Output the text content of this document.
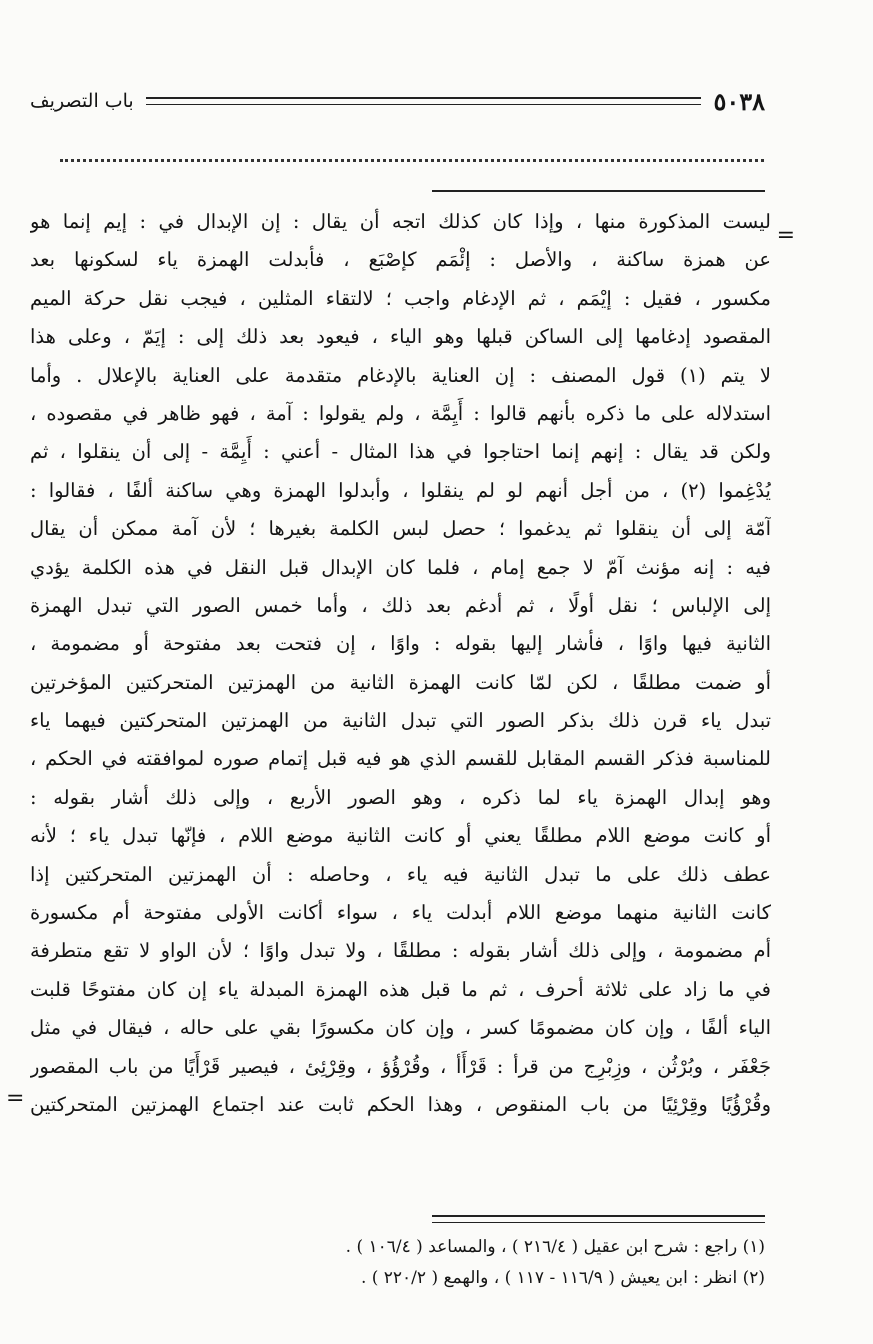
٥٠٣٨
باب التصريف
=
ليست المذكورة منها ، وإذا كان كذلك اتجه أن يقال : إن الإبدال في : إيم إنما هو
عن همزة ساكنة ، والأصل : إئْمَم كإصْبَع ، فأبدلت الهمزة ياء لسكونها بعد
مكسور ، فقيل : إيْمَم ، ثم الإدغام واجب ؛ لالتقاء المثلين ، فيجب نقل حركة الميم
المقصود إدغامها إلى الساكن قبلها وهو الياء ، فيعود بعد ذلك إلى : إيَمّ ، وعلى هذا
لا يتم (١) قول المصنف : إن العناية بالإدغام متقدمة على العناية بالإعلال . وأما
استدلاله على ما ذكره بأنهم قالوا : أَيِمَّة ، ولم يقولوا : آمة ، فهو ظاهر في مقصوده ،
ولكن قد يقال : إنهم إنما احتاجوا في هذا المثال - أعني : أَيِمَّة - إلى أن ينقلوا ، ثم
يُدْغِموا (٢) ، من أجل أنهم لو لم ينقلوا ، وأبدلوا الهمزة وهي ساكنة ألفًا ، فقالوا :
آمّة إلى أن ينقلوا ثم يدغموا ؛ حصل لبس الكلمة بغيرها ؛ لأن آمة ممكن أن يقال
فيه : إنه مؤنث آمّ لا جمع إمام ، فلما كان الإبدال قبل النقل في هذه الكلمة يؤدي
إلى الإلباس ؛ نقل أولًا ، ثم أدغم بعد ذلك ، وأما خمس الصور التي تبدل الهمزة
الثانية فيها واوًا ، فأشار إليها بقوله : واوًا ، إن فتحت بعد مفتوحة أو مضمومة ،
أو ضمت مطلقًا ، لكن لمّا كانت الهمزة الثانية من الهمزتين المتحركتين المؤخرتين
تبدل ياء قرن ذلك بذكر الصور التي تبدل الثانية من الهمزتين المتحركتين فيهما ياء
للمناسبة فذكر القسم المقابل للقسم الذي هو فيه قبل إتمام صوره لموافقته في الحكم ،
وهو إبدال الهمزة ياء لما ذكره ، وهو الصور الأربع ، وإلى ذلك أشار بقوله :
أو كانت موضع اللام مطلقًا يعني أو كانت الثانية موضع اللام ، فإنّها تبدل ياء ؛ لأنه
عطف ذلك على ما تبدل الثانية فيه ياء ، وحاصله : أن الهمزتين المتحركتين إذا
كانت الثانية منهما موضع اللام أبدلت ياء ، سواء أكانت الأولى مفتوحة أم مكسورة
أم مضمومة ، وإلى ذلك أشار بقوله : مطلقًا ، ولا تبدل واوًا ؛ لأن الواو لا تقع متطرفة
في ما زاد على ثلاثة أحرف ، ثم ما قبل هذه الهمزة المبدلة ياء إن كان مفتوحًا قلبت
الياء ألفًا ، وإن كان مضمومًا كسر ، وإن كان مكسورًا بقي على حاله ، فيقال في مثل
جَعْفَر ، وبُرْثُن ، وزِبْرِج من قرأ : قَرْأَأ ، وقُرْؤُؤ ، وقِرْئِئ ، فيصير قَرْأَيًا من باب المقصور
وقُرْؤُيًا وقِرْئِيًا من باب المنقوص ، وهذا الحكم ثابت عند اجتماع الهمزتين المتحركتين
=
(١) راجع : شرح ابن عقيل ( ٢١٦/٤ ) ، والمساعد ( ١٠٦/٤ ) .
(٢) انظر : ابن يعيش ( ١١٦/٩ - ١١٧ ) ، والهمع ( ٢٢٠/٢ ) .
